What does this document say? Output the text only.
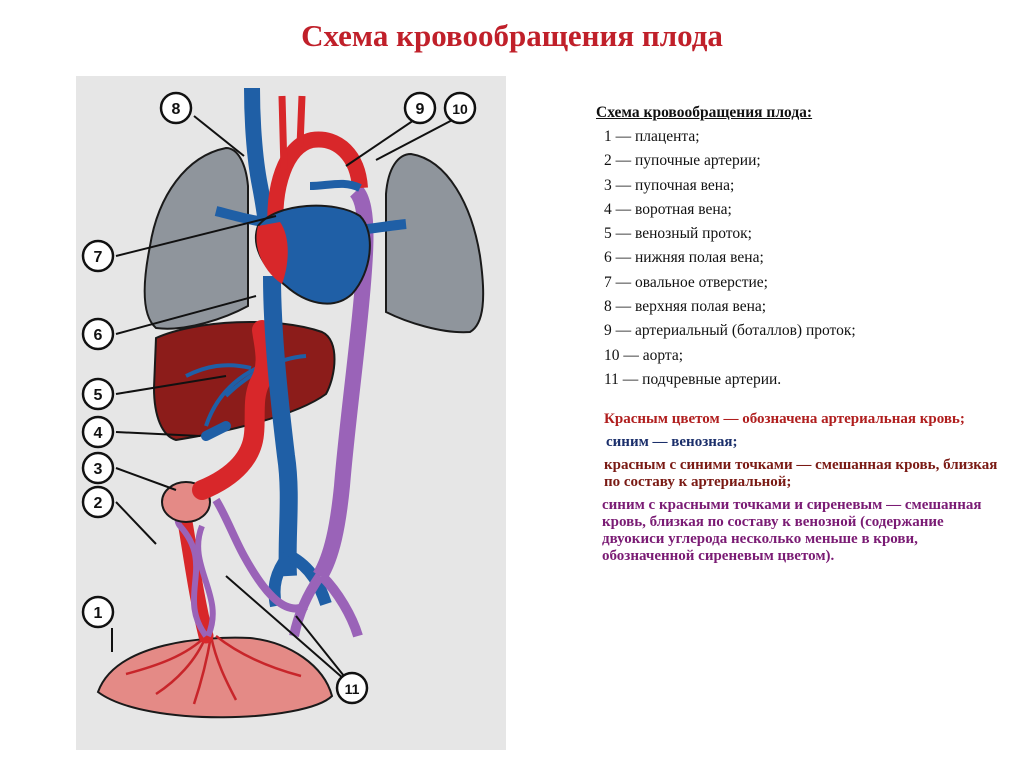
Схема кровообращения плода
8	9 10
7
6
5
4
3
2
1
11
Схема кровообращения плода:
1 — плацента;
2 — пупочные артерии;
3 — пупочная вена;
4 — воротная вена;
5 — венозный проток;
6 — нижняя полая вена;
7 — овальное отверстие;
8 — верхняя полая вена;
9 — артериальный (боталлов) проток;
10 — аорта;
11 — подчревные артерии.
Красным цветом — обозначена артериальная кровь;
синим — венозная;
красным с синими точками — смешанная кровь, близкая по составу к артериальной;
синим с красными точками и сиреневым — смешанная кровь, близкая по составу к венозной (содержание двуокиси углерода несколько меньше в крови, обозначенной сиреневым цветом).
